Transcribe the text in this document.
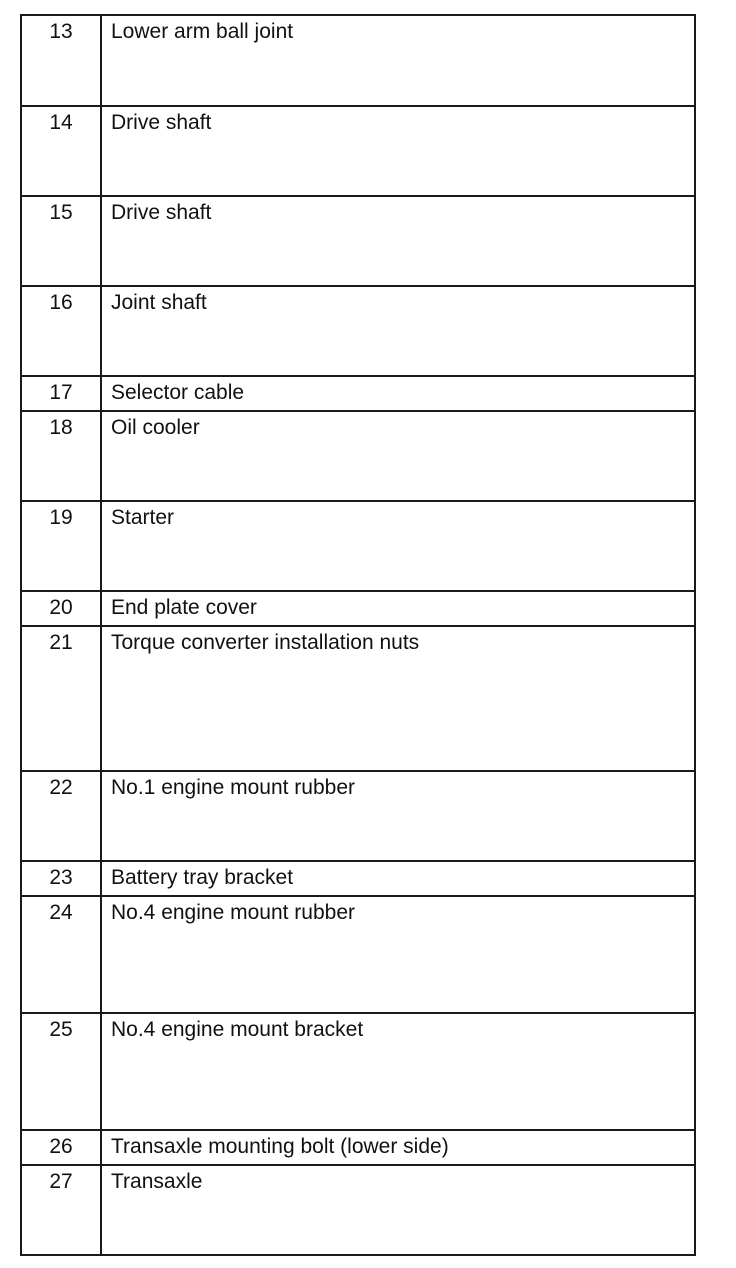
13	Lower arm ball joint
14	Drive shaft
15	Drive shaft
16	Joint shaft
17	Selector cable
18	Oil cooler
19	Starter
20	End plate cover
21	Torque converter installation nuts
22	No.1 engine mount rubber
23	Battery tray bracket
24	No.4 engine mount rubber
25	No.4 engine mount bracket
26	Transaxle mounting bolt (lower side)
27	Transaxle
